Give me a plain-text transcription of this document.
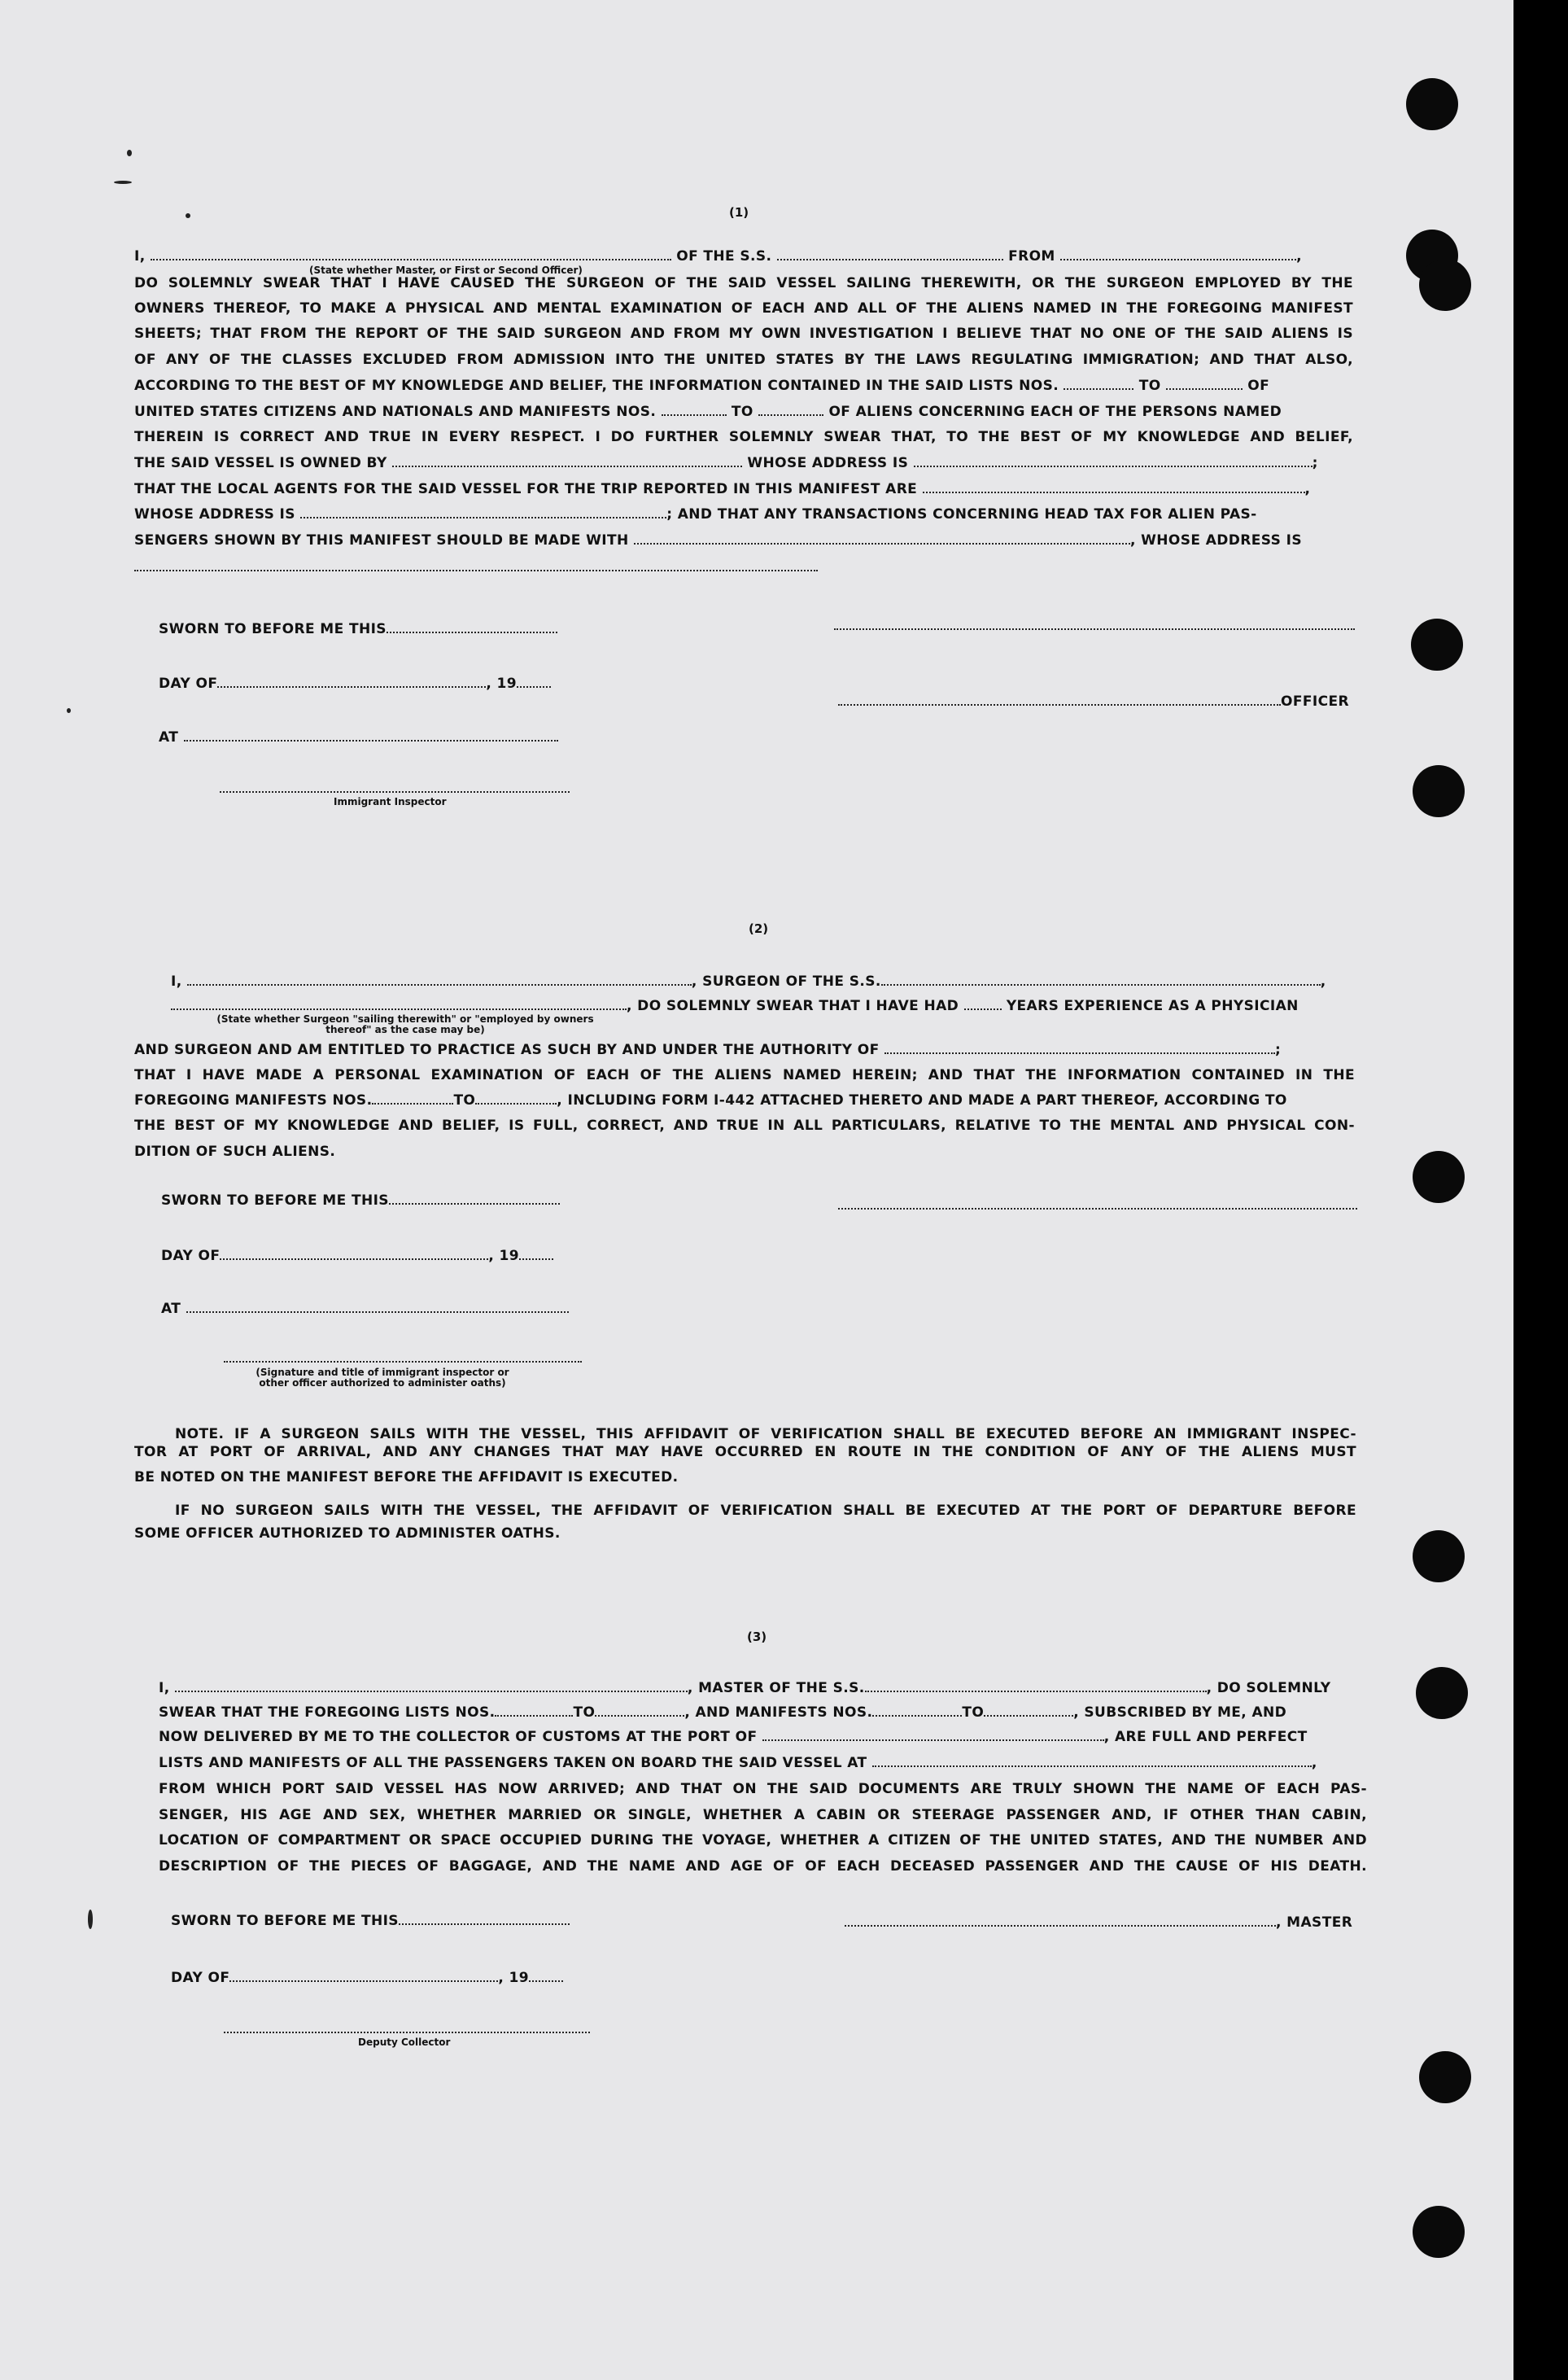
(1)
I,	OF THE S.S.	FROM	,
(State whether Master, or First or Second Officer)
DO SOLEMNLY SWEAR THAT I HAVE CAUSED THE SURGEON OF THE SAID VESSEL SAILING THEREWITH, OR THE SURGEON EMPLOYED BY THE
OWNERS THEREOF, TO MAKE A PHYSICAL AND MENTAL EXAMINATION OF EACH AND ALL OF THE ALIENS NAMED IN THE FOREGOING MANIFEST
SHEETS; THAT FROM THE REPORT OF THE SAID SURGEON AND FROM MY OWN INVESTIGATION I BELIEVE THAT NO ONE OF THE SAID ALIENS IS
OF ANY OF THE CLASSES EXCLUDED FROM ADMISSION INTO THE UNITED STATES BY THE LAWS REGULATING IMMIGRATION; AND THAT ALSO,
ACCORDING TO THE BEST OF MY KNOWLEDGE AND BELIEF, THE INFORMATION CONTAINED IN THE SAID LISTS NOS.	TO	OF
UNITED STATES CITIZENS AND NATIONALS AND MANIFESTS NOS.	TO	OF ALIENS CONCERNING EACH OF THE PERSONS NAMED
THEREIN IS CORRECT AND TRUE IN EVERY RESPECT. I DO FURTHER SOLEMNLY SWEAR THAT, TO THE BEST OF MY KNOWLEDGE AND BELIEF,
THE SAID VESSEL IS OWNED BY	WHOSE ADDRESS IS	;
THAT THE LOCAL AGENTS FOR THE SAID VESSEL FOR THE TRIP REPORTED IN THIS MANIFEST ARE	,
WHOSE ADDRESS IS	; AND THAT ANY TRANSACTIONS CONCERNING HEAD TAX FOR ALIEN PAS-
SENGERS SHOWN BY THIS MANIFEST SHOULD BE MADE WITH	, WHOSE ADDRESS IS
SWORN TO BEFORE ME THIS
DAY OF	, 19
OFFICER
AT
Immigrant Inspector
(2)
I,	, SURGEON OF THE S.S.	,
, DO SOLEMNLY SWEAR THAT I HAVE HAD	YEARS EXPERIENCE AS A PHYSICIAN
(State whether Surgeon "sailing therewith" or "employed by owners thereof" as the case may be)
AND SURGEON AND AM ENTITLED TO PRACTICE AS SUCH BY AND UNDER THE AUTHORITY OF	;
THAT I HAVE MADE A PERSONAL EXAMINATION OF EACH OF THE ALIENS NAMED HEREIN; AND THAT THE INFORMATION CONTAINED IN THE
FOREGOING MANIFESTS NOS.	TO	, INCLUDING FORM I-442 ATTACHED THERETO AND MADE A PART THEREOF, ACCORDING TO
THE BEST OF MY KNOWLEDGE AND BELIEF, IS FULL, CORRECT, AND TRUE IN ALL PARTICULARS, RELATIVE TO THE MENTAL AND PHYSICAL CON-
DITION OF SUCH ALIENS.
SWORN TO BEFORE ME THIS
DAY OF	, 19
AT
(Signature and title of immigrant inspector or other officer authorized to administer oaths)
NOTE. IF A SURGEON SAILS WITH THE VESSEL, THIS AFFIDAVIT OF VERIFICATION SHALL BE EXECUTED BEFORE AN IMMIGRANT INSPEC-
TOR AT PORT OF ARRIVAL, AND ANY CHANGES THAT MAY HAVE OCCURRED EN ROUTE IN THE CONDITION OF ANY OF THE ALIENS MUST
BE NOTED ON THE MANIFEST BEFORE THE AFFIDAVIT IS EXECUTED.
IF NO SURGEON SAILS WITH THE VESSEL, THE AFFIDAVIT OF VERIFICATION SHALL BE EXECUTED AT THE PORT OF DEPARTURE BEFORE
SOME OFFICER AUTHORIZED TO ADMINISTER OATHS.
(3)
I,	, MASTER OF THE S.S.	, DO SOLEMNLY
SWEAR THAT THE FOREGOING LISTS NOS.	TO	, AND MANIFESTS NOS.	TO	, SUBSCRIBED BY ME, AND
NOW DELIVERED BY ME TO THE COLLECTOR OF CUSTOMS AT THE PORT OF	, ARE FULL AND PERFECT
LISTS AND MANIFESTS OF ALL THE PASSENGERS TAKEN ON BOARD THE SAID VESSEL AT	,
FROM WHICH PORT SAID VESSEL HAS NOW ARRIVED; AND THAT ON THE SAID DOCUMENTS ARE TRULY SHOWN THE NAME OF EACH PAS-
SENGER, HIS AGE AND SEX, WHETHER MARRIED OR SINGLE, WHETHER A CABIN OR STEERAGE PASSENGER AND, IF OTHER THAN CABIN,
LOCATION OF COMPARTMENT OR SPACE OCCUPIED DURING THE VOYAGE, WHETHER A CITIZEN OF THE UNITED STATES, AND THE NUMBER AND
DESCRIPTION OF THE PIECES OF BAGGAGE, AND THE NAME AND AGE OF OF EACH DECEASED PASSENGER AND THE CAUSE OF HIS DEATH.
SWORN TO BEFORE ME THIS	, MASTER
DAY OF	, 19
Deputy Collector
